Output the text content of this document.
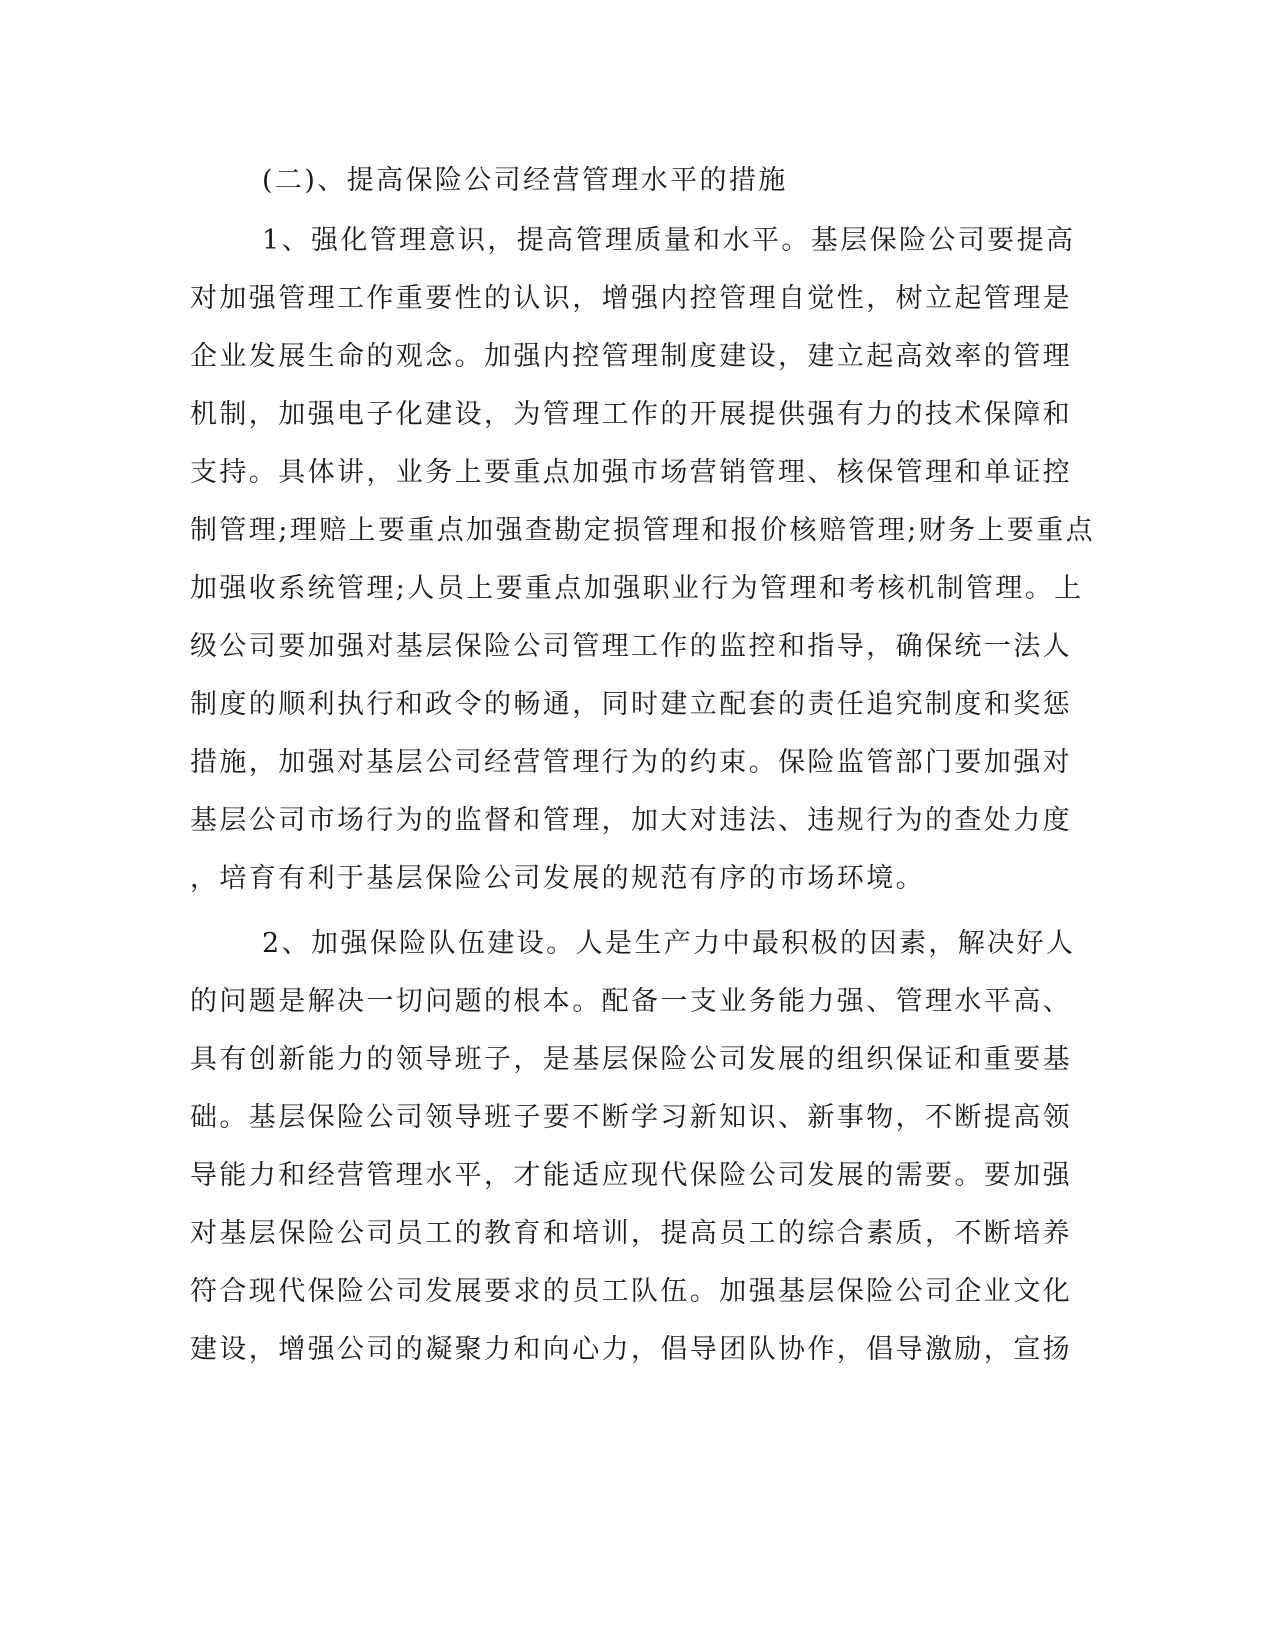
(二)、提高保险公司经营管理水平的措施

1、强化管理意识，提高管理质量和水平。基层保险公司要提高

对加强管理工作重要性的认识，增强内控管理自觉性，树立起管理是

企业发展生命的观念。加强内控管理制度建设，建立起高效率的管理

机制，加强电子化建设，为管理工作的开展提供强有力的技术保障和

支持。具体讲，业务上要重点加强市场营销管理、核保管理和单证控

制管理;理赔上要重点加强查勘定损管理和报价核赔管理;财务上要重点

加强收系统管理;人员上要重点加强职业行为管理和考核机制管理。上

级公司要加强对基层保险公司管理工作的监控和指导，确保统一法人

制度的顺利执行和政令的畅通，同时建立配套的责任追究制度和奖惩

措施，加强对基层公司经营管理行为的约束。保险监管部门要加强对

基层公司市场行为的监督和管理，加大对违法、违规行为的查处力度

，培育有利于基层保险公司发展的规范有序的市场环境。

2、加强保险队伍建设。人是生产力中最积极的因素，解决好人

的问题是解决一切问题的根本。配备一支业务能力强、管理水平高、

具有创新能力的领导班子，是基层保险公司发展的组织保证和重要基

础。基层保险公司领导班子要不断学习新知识、新事物，不断提高领

导能力和经营管理水平，才能适应现代保险公司发展的需要。要加强

对基层保险公司员工的教育和培训，提高员工的综合素质，不断培养

符合现代保险公司发展要求的员工队伍。加强基层保险公司企业文化

建设，增强公司的凝聚力和向心力，倡导团队协作，倡导激励，宣扬
